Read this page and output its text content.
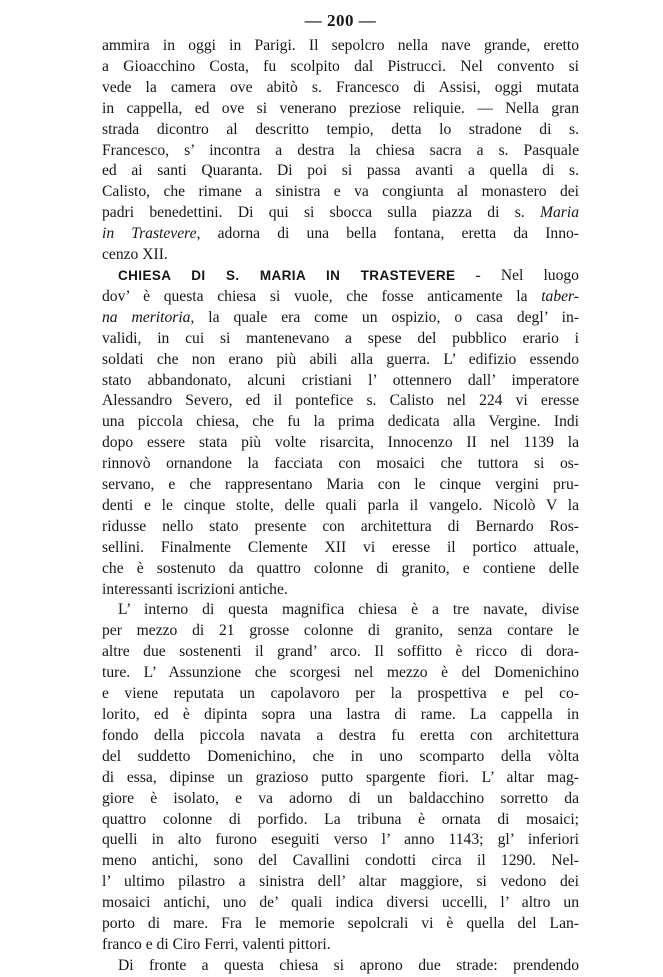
— 200 —
ammira in oggi in Parigi. Il sepolcro nella nave grande, eretto
a Gioacchino Costa, fu scolpito dal Pistrucci. Nel convento si
vede la camera ove abitò s. Francesco di Assisi, oggi mutata
in cappella, ed ove si venerano preziose reliquie. — Nella gran
strada dicontro al descritto tempio, detta lo stradone di s.
Francesco, s’ incontra a destra la chiesa sacra a s. Pasquale
ed ai santi Quaranta. Di poi si passa avanti a quella di s.
Calisto, che rimane a sinistra e va congiunta al monastero dei
padri benedettini. Di qui si sbocca sulla piazza di s. Maria
in Trastevere, adorna di una bella fontana, eretta da Inno-
cenzo XII.
CHIESA DI S. MARIA IN TRASTEVERE - Nel luogo
dov’ è questa chiesa si vuole, che fosse anticamente la taber-
na meritoria, la quale era come un ospizio, o casa degl’ in-
validi, in cui si mantenevano a spese del pubblico erario i
soldati che non erano più abili alla guerra. L’ edifizio essendo
stato abbandonato, alcuni cristiani l’ ottennero dall’ imperatore
Alessandro Severo, ed il pontefice s. Calisto nel 224 vi eresse
una piccola chiesa, che fu la prima dedicata alla Vergine. Indi
dopo essere stata più volte risarcita, Innocenzo II nel 1139 la
rinnovò ornandone la facciata con mosaici che tuttora si os-
servano, e che rappresentano Maria con le cinque vergini pru-
denti e le cinque stolte, delle quali parla il vangelo. Nicolò V la
ridusse nello stato presente con architettura di Bernardo Ros-
sellini. Finalmente Clemente XII vi eresse il portico attuale,
che è sostenuto da quattro colonne di granito, e contiene delle
interessanti iscrizioni antiche.
L’ interno di questa magnifica chiesa è a tre navate, divise
per mezzo di 21 grosse colonne di granito, senza contare le
altre due sostenenti il grand’ arco. Il soffitto è ricco di dora-
ture. L’ Assunzione che scorgesi nel mezzo è del Domenichino
e viene reputata un capolavoro per la prospettiva e pel co-
lorito, ed è dipinta sopra una lastra di rame. La cappella in
fondo della piccola navata a destra fu eretta con architettura
del suddetto Domenichino, che in uno scomparto della vòlta
di essa, dipinse un grazioso putto spargente fiori. L’ altar mag-
giore è isolato, e va adorno di un baldacchino sorretto da
quattro colonne di porfido. La tribuna è ornata di mosaici;
quelli in alto furono eseguiti verso l’ anno 1143; gl’ inferiori
meno antichi, sono del Cavallini condotti circa il 1290. Nel-
l’ ultimo pilastro a sinistra dell’ altar maggiore, si vedono dei
mosaici antichi, uno de’ quali indica diversi uccelli, l’ altro un
porto di mare. Fra le memorie sepolcrali vi è quella del Lan-
franco e di Ciro Ferri, valenti pittori.
Di fronte a questa chiesa si aprono due strade: prendendo
